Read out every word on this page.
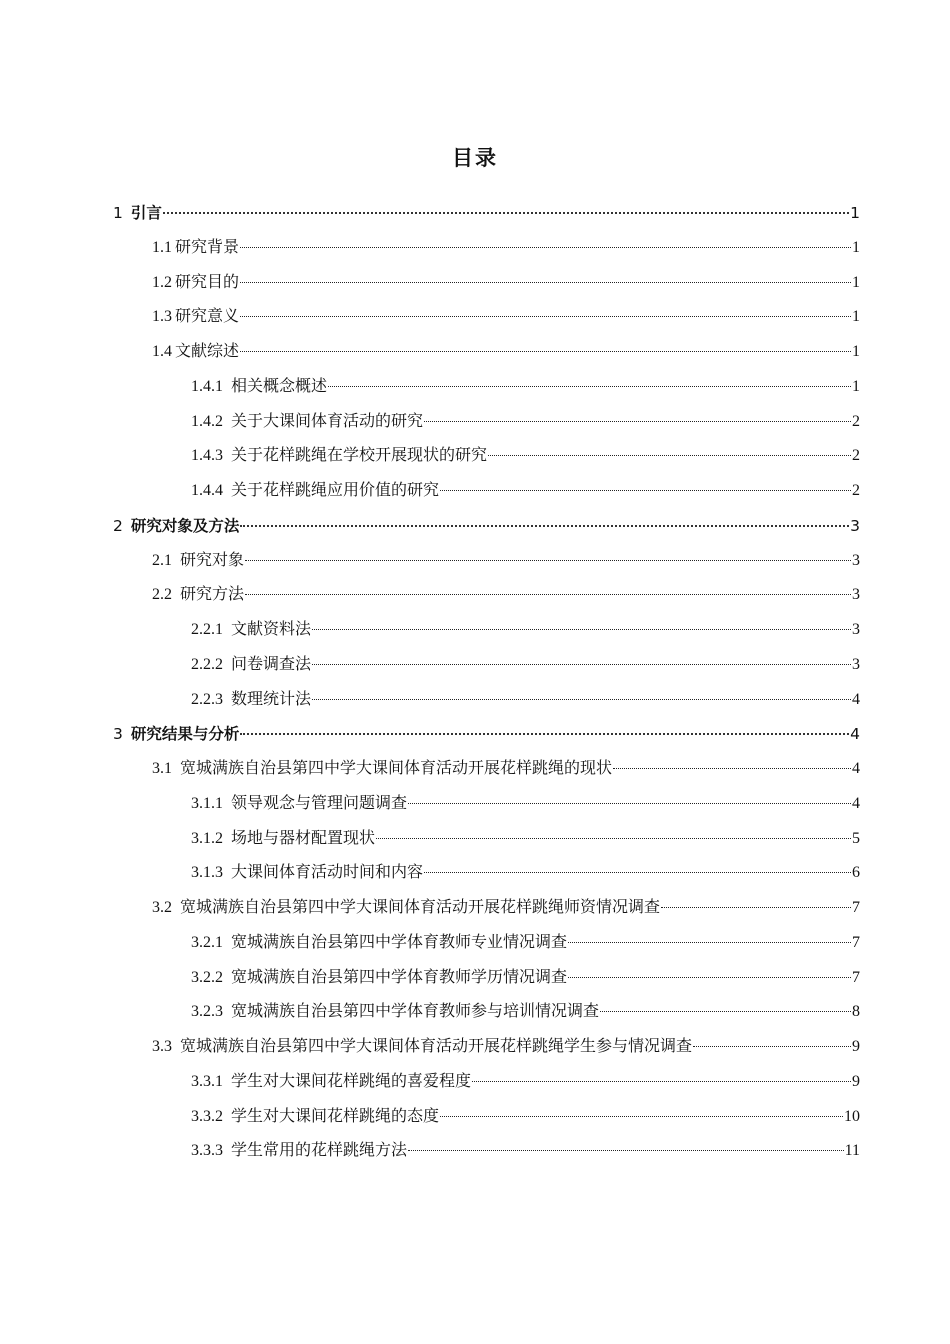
目录
1 引言	1
1.1 研究背景	1
1.2 研究目的	1
1.3 研究意义	1
1.4 文献综述	1
1.4.1 相关概念概述	1
1.4.2 关于大课间体育活动的研究	2
1.4.3 关于花样跳绳在学校开展现状的研究	2
1.4.4 关于花样跳绳应用价值的研究	2
2 研究对象及方法	3
2.1 研究对象	3
2.2 研究方法	3
2.2.1 文献资料法	3
2.2.2 问卷调查法	3
2.2.3 数理统计法	4
3 研究结果与分析	4
3.1 宽城满族自治县第四中学大课间体育活动开展花样跳绳的现状	4
3.1.1 领导观念与管理问题调查	4
3.1.2 场地与器材配置现状	5
3.1.3 大课间体育活动时间和内容	6
3.2 宽城满族自治县第四中学大课间体育活动开展花样跳绳师资情况调查	7
3.2.1 宽城满族自治县第四中学体育教师专业情况调查	7
3.2.2 宽城满族自治县第四中学体育教师学历情况调查	7
3.2.3 宽城满族自治县第四中学体育教师参与培训情况调查	8
3.3 宽城满族自治县第四中学大课间体育活动开展花样跳绳学生参与情况调查	9
3.3.1 学生对大课间花样跳绳的喜爱程度	9
3.3.2 学生对大课间花样跳绳的态度	10
3.3.3 学生常用的花样跳绳方法	11
